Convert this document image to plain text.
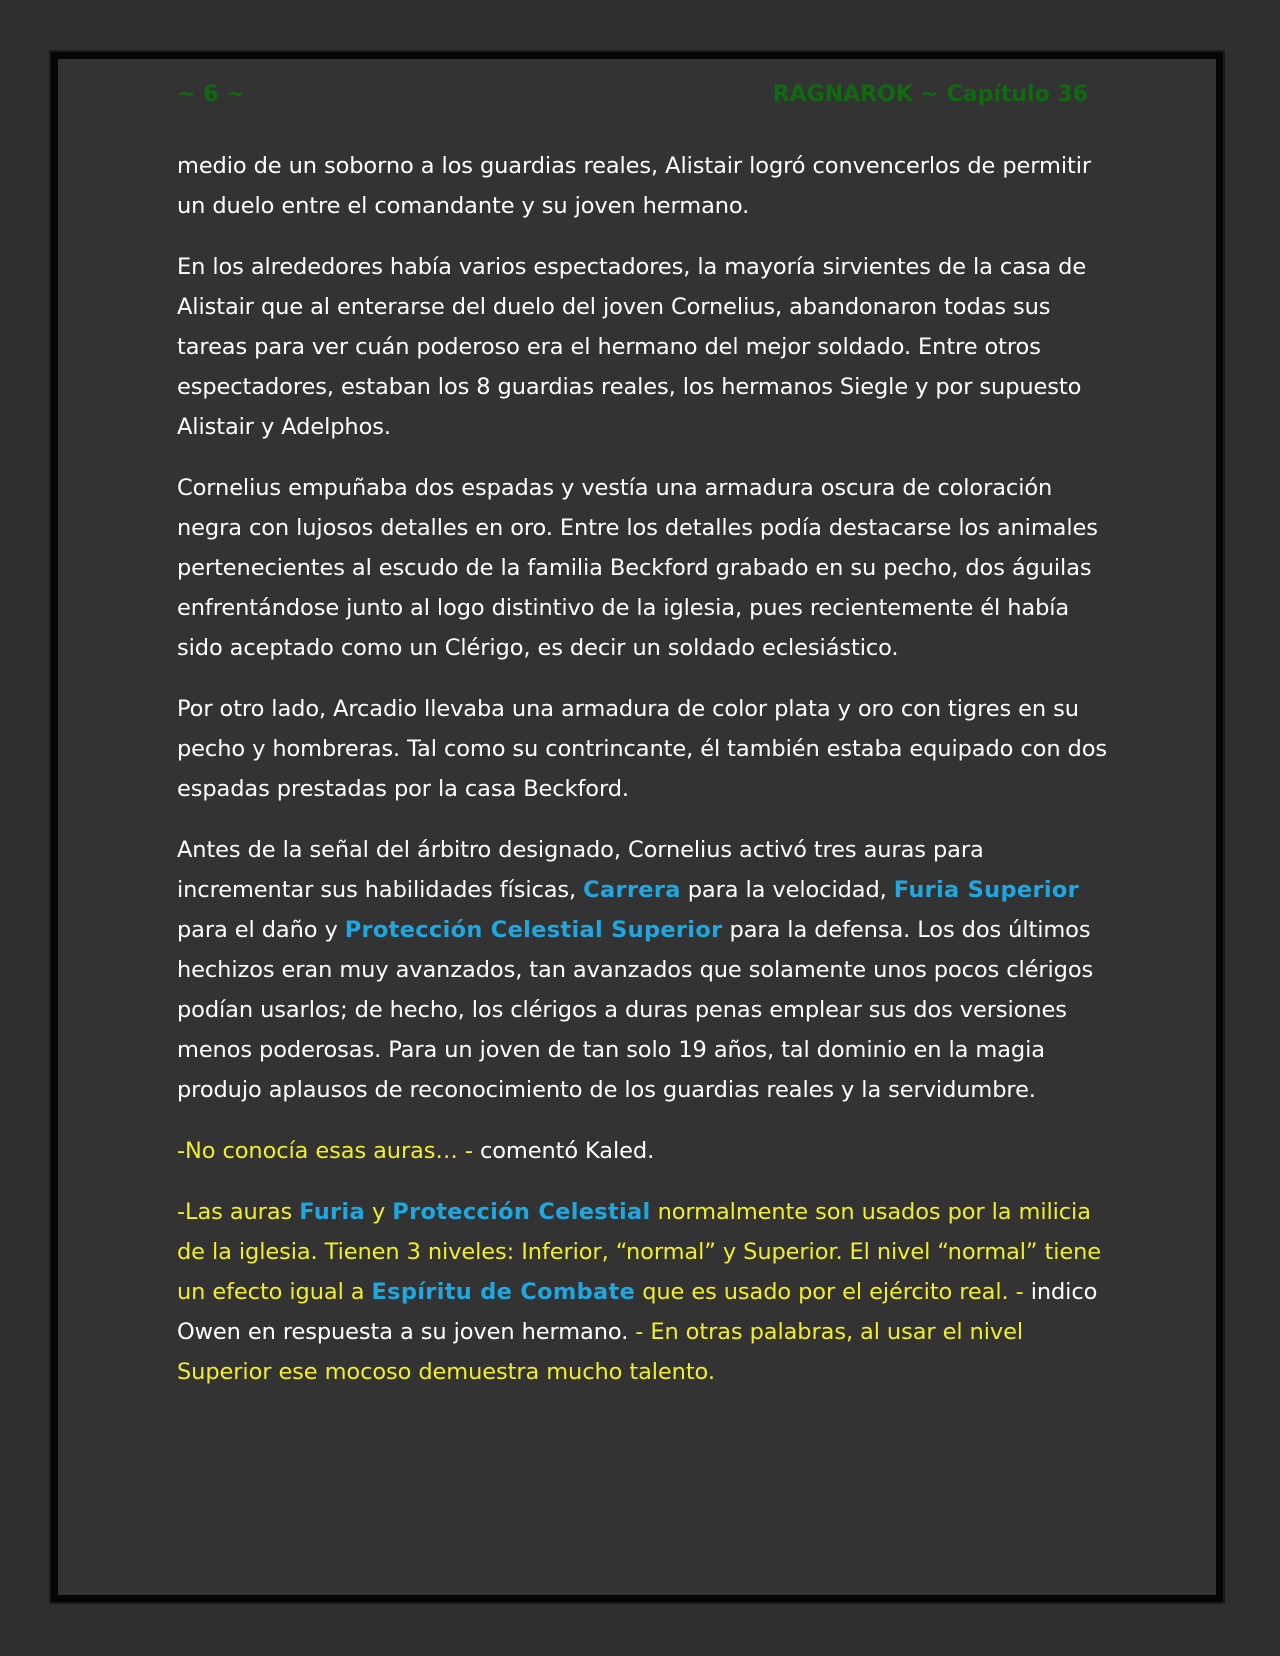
~ 6 ~	RAGNAROK ~ Capítulo 36

medio de un soborno a los guardias reales, Alistair logró convencerlos de permitir un duelo entre el comandante y su joven hermano.

En los alrededores había varios espectadores, la mayoría sirvientes de la casa de Alistair que al enterarse del duelo del joven Cornelius, abandonaron todas sus tareas para ver cuán poderoso era el hermano del mejor soldado. Entre otros espectadores, estaban los 8 guardias reales, los hermanos Siegle y por supuesto Alistair y Adelphos.

Cornelius empuñaba dos espadas y vestía una armadura oscura de coloración negra con lujosos detalles en oro. Entre los detalles podía destacarse los animales pertenecientes al escudo de la familia Beckford grabado en su pecho, dos águilas enfrentándose junto al logo distintivo de la iglesia, pues recientemente él había sido aceptado como un Clérigo, es decir un soldado eclesiástico.

Por otro lado, Arcadio llevaba una armadura de color plata y oro con tigres en su pecho y hombreras. Tal como su contrincante, él también estaba equipado con dos espadas prestadas por la casa Beckford.

Antes de la señal del árbitro designado, Cornelius activó tres auras para incrementar sus habilidades físicas, Carrera para la velocidad, Furia Superior para el daño y Protección Celestial Superior para la defensa. Los dos últimos hechizos eran muy avanzados, tan avanzados que solamente unos pocos clérigos podían usarlos; de hecho, los clérigos a duras penas emplear sus dos versiones menos poderosas. Para un joven de tan solo 19 años, tal dominio en la magia produjo aplausos de reconocimiento de los guardias reales y la servidumbre.

-No conocía esas auras… - comentó Kaled.

-Las auras Furia y Protección Celestial normalmente son usados por la milicia de la iglesia. Tienen 3 niveles: Inferior, “normal” y Superior. El nivel “normal” tiene un efecto igual a Espíritu de Combate que es usado por el ejército real. - indico Owen en respuesta a su joven hermano. - En otras palabras, al usar el nivel Superior ese mocoso demuestra mucho talento.
